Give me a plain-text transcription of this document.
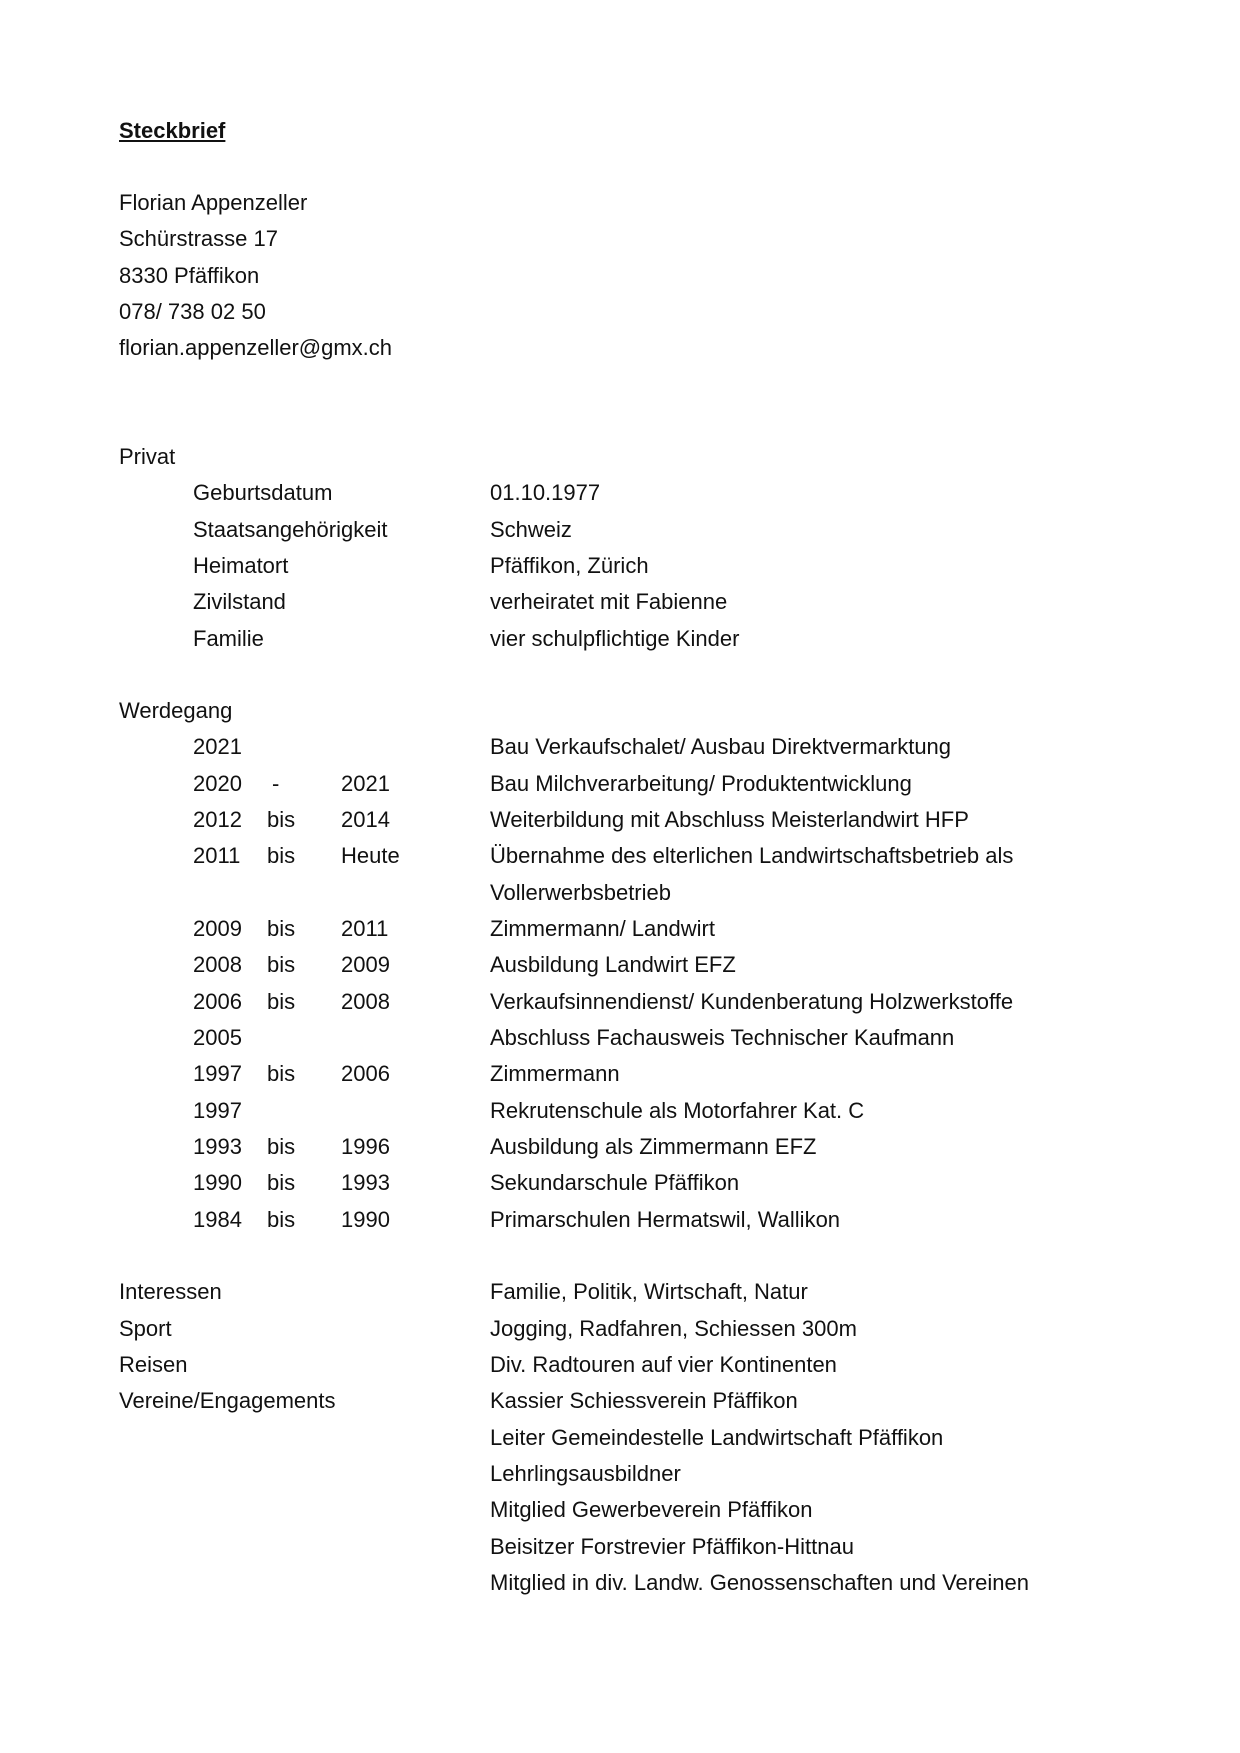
Steckbrief
Florian Appenzeller
Schürstrasse 17
8330 Pfäffikon
078/ 738 02 50
florian.appenzeller@gmx.ch
Privat
Geburtsdatum	01.10.1977
Staatsangehörigkeit	Schweiz
Heimatort	Pfäffikon, Zürich
Zivilstand	verheiratet mit Fabienne
Familie	vier schulpflichtige Kinder
Werdegang
2021	Bau Verkaufschalet/ Ausbau Direktvermarktung
2020 -	2021	Bau Milchverarbeitung/ Produktentwicklung
2012 bis 2014	Weiterbildung mit Abschluss Meisterlandwirt HFP
2011 bis Heute	Übernahme des elterlichen Landwirtschaftsbetrieb als
Vollerwerbsbetrieb
2009 bis 2011	Zimmermann/ Landwirt
2008 bis 2009	Ausbildung Landwirt EFZ
2006 bis 2008	Verkaufsinnendienst/ Kundenberatung Holzwerkstoffe
2005	Abschluss Fachausweis Technischer Kaufmann
1997 bis 2006	Zimmermann
1997	Rekrutenschule als Motorfahrer Kat. C
1993 bis 1996	Ausbildung als Zimmermann EFZ
1990 bis 1993	Sekundarschule Pfäffikon
1984 bis 1990	Primarschulen Hermatswil, Wallikon
Interessen	Familie, Politik, Wirtschaft, Natur
Sport	Jogging, Radfahren, Schiessen 300m
Reisen	Div. Radtouren auf vier Kontinenten
Vereine/Engagements	Kassier Schiessverein Pfäffikon
Leiter Gemeindestelle Landwirtschaft Pfäffikon
Lehrlingsausbildner
Mitglied Gewerbeverein Pfäffikon
Beisitzer Forstrevier Pfäffikon-Hittnau
Mitglied in div. Landw. Genossenschaften und Vereinen
